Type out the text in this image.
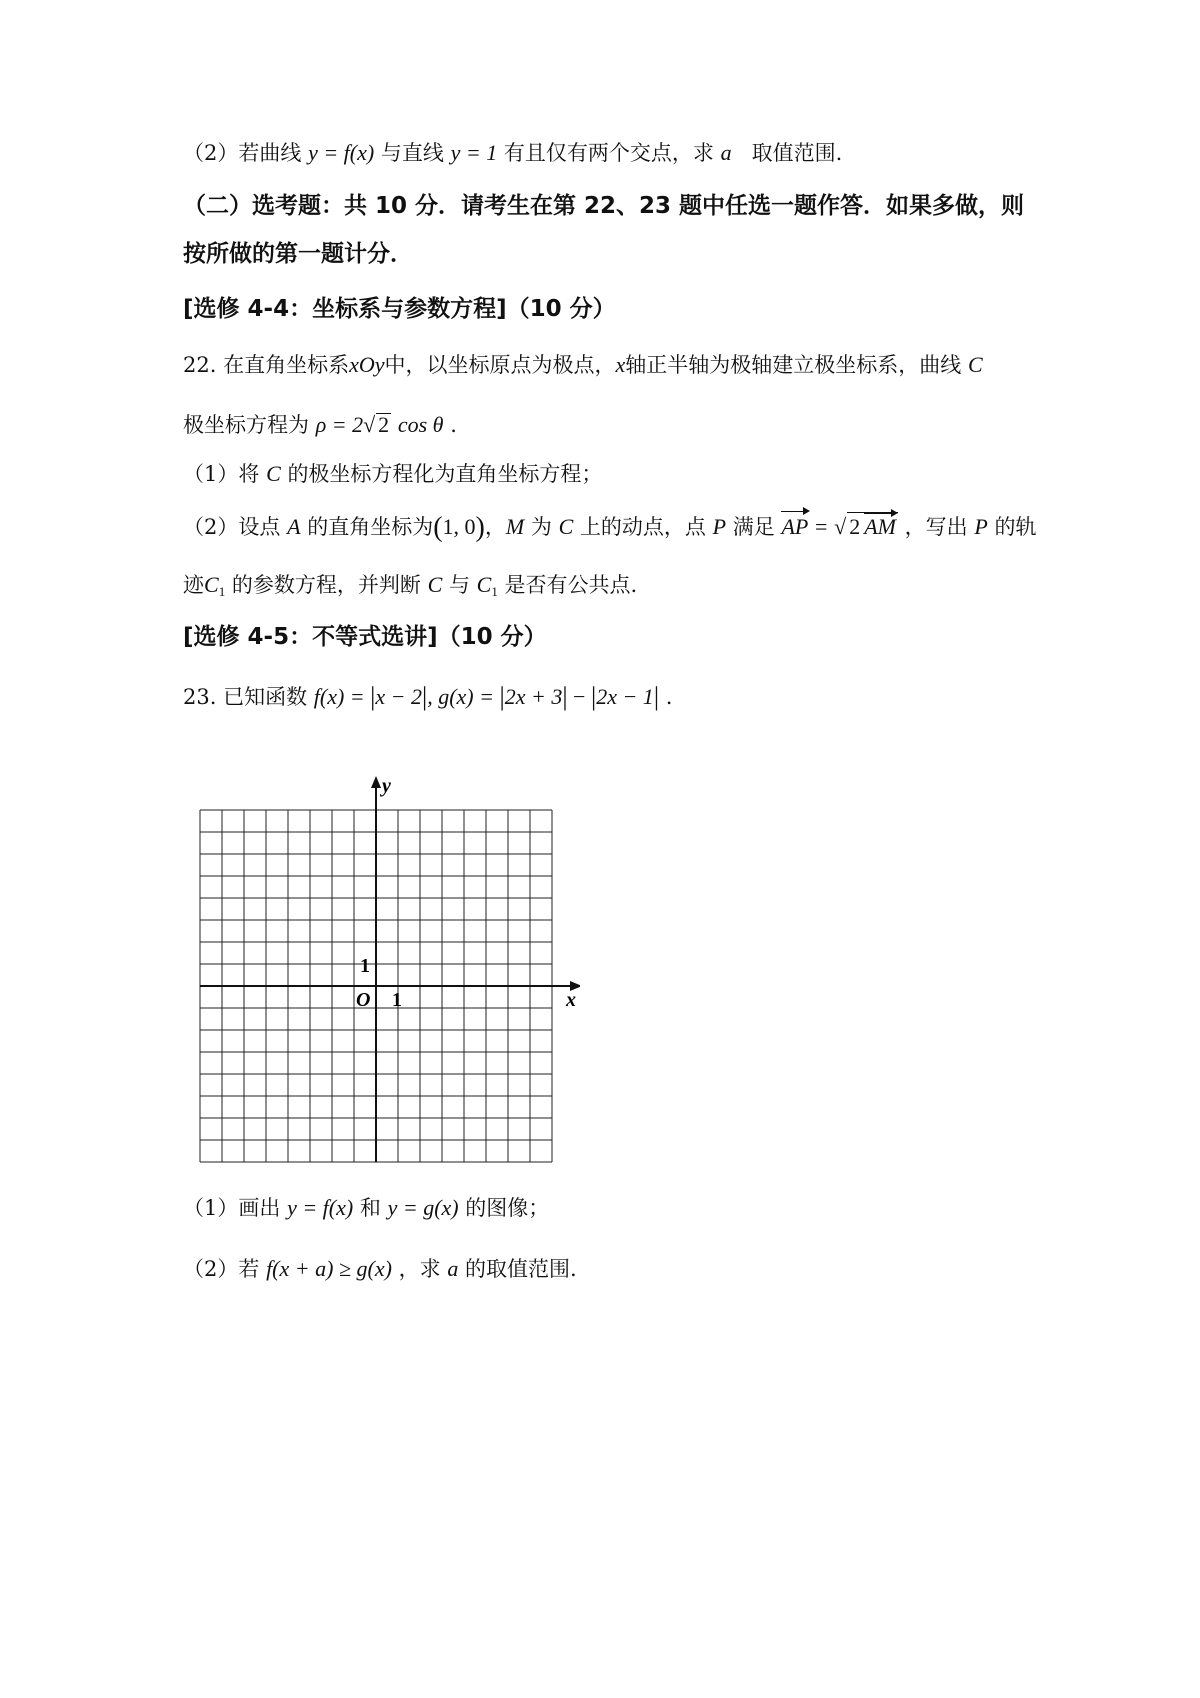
（2）若曲线 y = f(x) 与直线 y = 1 有且仅有两个交点，求 a 取值范围.
（二）选考题：共 10 分．请考生在第 22、23 题中任选一题作答．如果多做，则
按所做的第一题计分．
[选修 4-4：坐标系与参数方程]（10 分）
22. 在直角坐标系xOy中，以坐标原点为极点，x轴正半轴为极轴建立极坐标系，曲线 C
极坐标方程为 ρ = 2√ 2 cos θ .
（1）将 C 的极坐标方程化为直角坐标方程；
（2）设点 A 的直角坐标为(1, 0)，M 为 C 上的动点，点 P 满足 AP = √ 2 AM ，写出 P 的轨
迹$C_1$ 的参数方程，并判断 C 与 $C_1$ 是否有公共点.
[选修 4-5：不等式选讲]（10 分）
23. 已知函数 f(x) = |x − 2|, g(x) = |2x + 3| − |2x − 1| .
x
y
O 1
1
（1）画出 y = f(x) 和 y = g(x) 的图像；
（2）若 f(x + a) ≥ g(x) ，求 a 的取值范围.
